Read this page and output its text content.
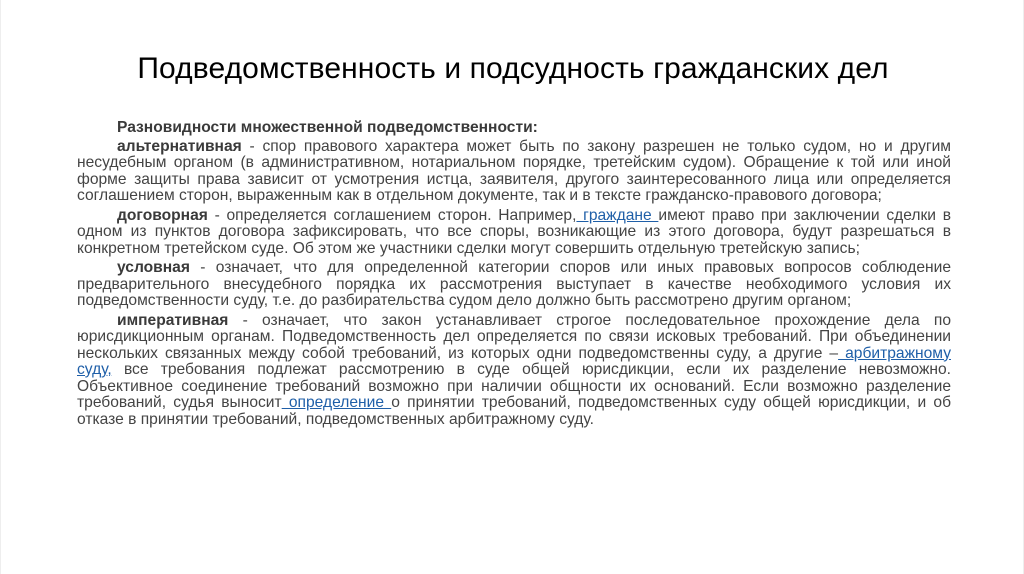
Подведомственность и подсудность гражданских дел
Разновидности множественной подведомственности:
альтернативная - спор правового характера может быть по закону разрешен не только судом, но и другим несудебным органом (в административном, нотариальном порядке, третейским судом). Обращение к той или иной форме защиты права зависит от усмотрения истца, заявителя, другого заинтересованного лица или определяется соглашением сторон, выраженным как в отдельном документе, так и в тексте гражданско-правового договора;
договорная - определяется соглашением сторон. Например, граждане имеют право при заключении сделки в одном из пунктов договора зафиксировать, что все споры, возникающие из этого договора, будут разрешаться в конкретном третейском суде. Об этом же участники сделки могут совершить отдельную третейскую запись;
условная - означает, что для определенной категории споров или иных правовых вопросов соблюдение предварительного внесудебного порядка их рассмотрения выступает в качестве необходимого условия их подведомственности суду, т.е. до разбирательства судом дело должно быть рассмотрено другим органом;
императивная - означает, что закон устанавливает строгое последовательное прохождение дела по юрисдикционным органам. Подведомственность дел определяется по связи исковых требований. При объединении нескольких связанных между собой требований, из которых одни подведомственны суду, а другие – арбитражному суду, все требования подлежат рассмотрению в суде общей юрисдикции, если их разделение невозможно. Объективное соединение требований возможно при наличии общности их оснований. Если возможно разделение требований, судья выносит определение о принятии требований, подведомственных суду общей юрисдикции, и об отказе в принятии требований, подведомственных арбитражному суду.
